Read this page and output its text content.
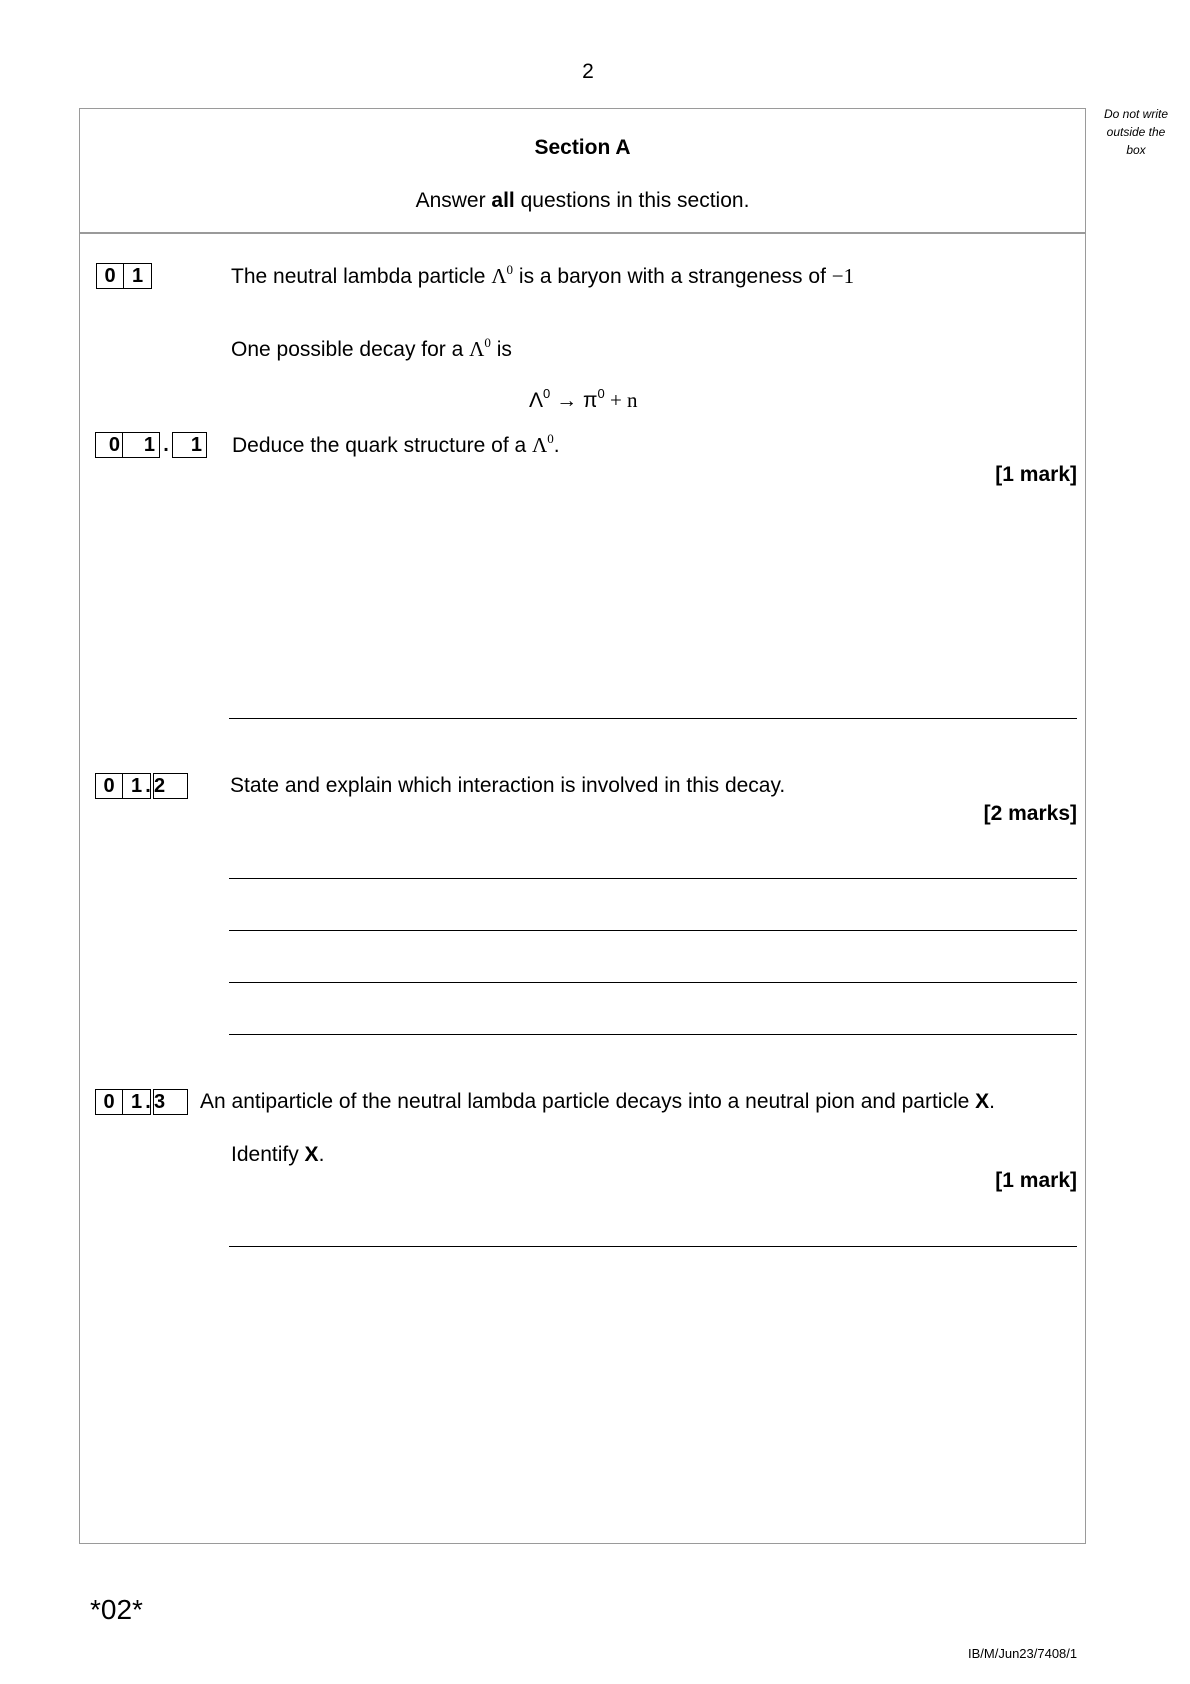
2
Do not write
outside the
box
Section A
Answer all questions in this section.
0 1	The neutral lambda particle $\Lambda^0$ is a baryon with a strangeness of −1
One possible decay for a $\Lambda^0$ is
$\Lambda^0 \to \pi^0 + n$
0	1 .	1 Deduce the quark structure of a $\Lambda^0$.
[1 mark]
0 1 . 2	State and explain which interaction is involved in this decay.
[2 marks]
0 1 . 3	An antiparticle of the neutral lambda particle decays into a neutral pion and particle X.
Identify X.
[1 mark]
*02*
IB/M/Jun23/7408/1
